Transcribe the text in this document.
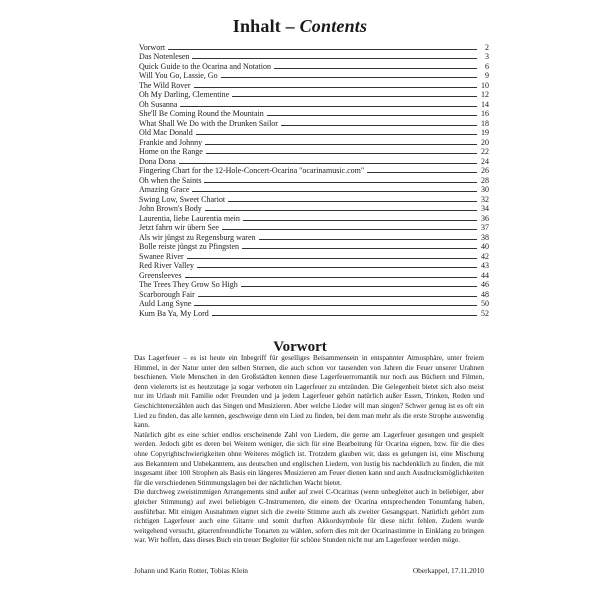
Inhalt – Contents
Vorwort	2
Das Notenlesen	3
Quick Guide to the Ocarina and Notation	6
Will You Go, Lassie, Go	9
The Wild Rover	10
Oh My Darling, Clementine	12
Oh Susanna	14
She'll Be Coming Round the Mountain	16
What Shall We Do with the Drunken Sailor	18
Old Mac Donald	19
Frankie and Johnny	20
Home on the Range	22
Dona Dona	24
Fingering Chart for the 12-Hole-Concert-Ocarina "ocarinamusic.com"	26
Oh when the Saints	28
Amazing Grace	30
Swing Low, Sweet Chariot	32
John Brown's Body	34
Laurentia, liebe Laurentia mein	36
Jetzt fahrn wir übern See	37
Als wir jüngst zu Regensburg waren	38
Bolle reiste jüngst zu Pfingsten	40
Swanee River	42
Red River Valley	43
Greensleeves	44
The Trees They Grow So High	46
Scarborough Fair	48
Auld Lang Syne	50
Kum Ba Ya, My Lord	52
Vorwort

Das Lagerfeuer – es ist heute ein Inbegriff für geselliges Beisammensein in entspannter Atmosphäre, unter freiem Himmel, in der Natur unter den selben Sternen, die auch schon vor tausenden von Jahren die Feuer unserer Urahnen beschienen. Viele Menschen in den Großstädten kennen diese Lagerfeuerromantik nur noch aus Büchern und Filmen, denn vielerorts ist es heutzutage ja sogar verboten ein Lagerfeuer zu entzünden. Die Gelegenheit bietet sich also meist nur im Urlaub mit Familie oder Freunden und ja jedem Lagerfeuer gehört natürlich außer Essen, Trinken, Reden und Geschichtenerzählen auch das Singen und Musizieren. Aber welche Lieder will man singen? Schwer genug ist es oft ein Lied zu finden, das alle kennen, geschweige denn ein Lied zu finden, bei dem man mehr als die erste Strophe auswendig kann.

Natürlich gibt es eine schier endlos erscheinende Zahl von Liedern, die gerne am Lagerfeuer gesungen und gespielt werden. Jedoch gibt es deren bei Weitem weniger, die sich für eine Bearbeitung für Ocarina eignen, bzw. für die dies ohne Copyrightschwierigkeiten ohne Weiteres möglich ist. Trotzdem glauben wir, dass es gelungen ist, eine Mischung aus Bekanntem und Unbekanntem, aus deutschen und englischen Liedern, von lustig bis nachdenklich zu finden, die mit insgesamt über 100 Strophen als Basis ein längeres Musizieren am Feuer dienen kann und auch Ausdrucksmöglichkeiten für die verschiedenen Stimmungslagen bei der nächtlichen Wacht bietet.

Die durchweg zweistimmigen Arrangements sind außer auf zwei C-Ocarinas (wenn unbegleitet auch in beliebiger, aber gleicher Stimmung) auf zwei beliebigen C-Instrumenten, die einem der Ocarina entsprechenden Tonumfang haben, ausführbar. Mit einigen Ausnahmen eignet sich die zweite Stimme auch als zweiter Gesangspart. Natürlich gehört zum richtigen Lagerfeuer auch eine Gitarre und somit durften Akkordsymbole für diese nicht fehlen. Zudem wurde weitgehend versucht, gitarrenfreundliche Tonarten zu wählen, sofern dies mit der Ocarinastimme in Einklang zu bringen war. Wir hoffen, dass dieses Buch ein treuer Begleiter für schöne Stunden nicht nur am Lagerfeuer werden möge.

Johann und Karin Rotter, Tobias Klein	Oberkappel, 17.11.2010
